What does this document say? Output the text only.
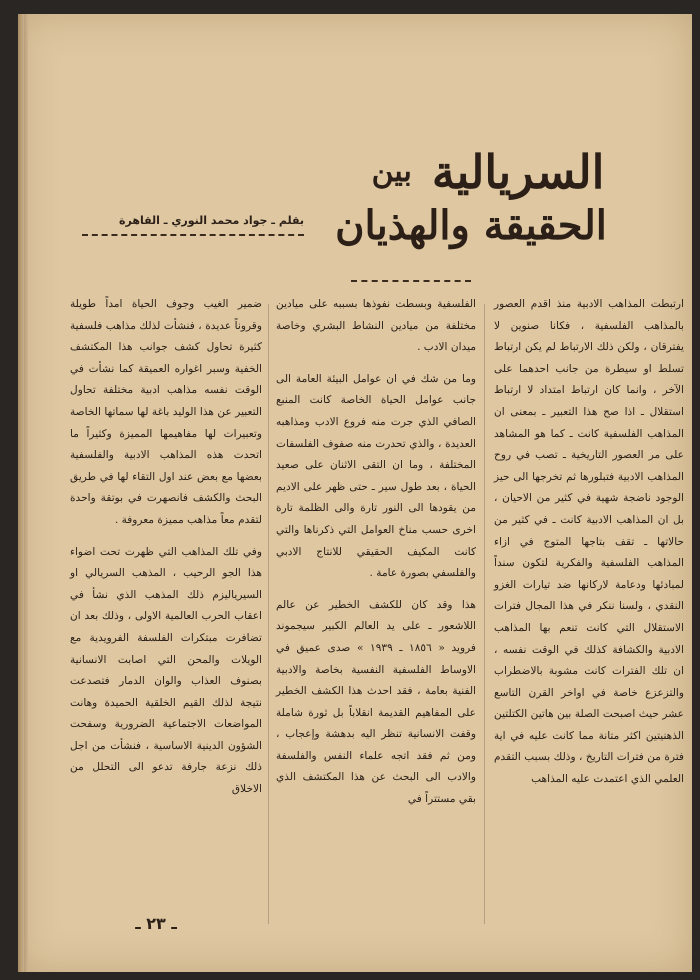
السريالية $^{بين}$
الحقيقة والهذيان
بقلم ـ جواد محمد النوري ـ القاهرة

ارتبطت المذاهب الادبية منذ اقدم العصور بالمذاهب الفلسفية ، فكانا صنوين لا يفترقان ، ولكن ذلك الارتباط لم يكن ارتباط تسلط او سيطرة من جانب احدهما على الآخر ، وانما كان ارتباط امتداد لا ارتباط استقلال ـ اذا صح هذا التعبير ـ بمعنى ان المذاهب الفلسفية كانت ـ كما هو المشاهد على مر العصور التاريخية ـ تصب في روح المذاهب الادبية فتبلورها ثم تخرجها الى حيز الوجود ناضجة شهية في كثير من الاحيان ، بل ان المذاهب الادبية كانت ـ في كثير من حالاتها ـ تقف بتاجها المتوج في ازاء المذاهب الفلسفية والفكرية لتكون سنداً لمبادئها ودعامة لاركانها ضد تيارات الغزو النقدي ، ولسنا ننكر في هذا المجال فترات الاستقلال التي كانت تنعم بها المذاهب الادبية والكشافة كذلك في الوقت نفسه ، ان تلك الفترات كانت مشوبة بالاضطراب والتزعزع خاصة في اواخر القرن التاسع عشر حيث اصبحت الصلة بين هاتين الكتلتين الذهنيتين اكثر متانة مما كانت عليه في اية فترة من فترات التاريخ ، وذلك بسبب التقدم العلمي الذي اعتمدت عليه المذاهب

الفلسفية وبسطت نفوذها بسببه على ميادين مختلفة من ميادين النشاط البشري وخاصة ميدان الادب .

وما من شك في ان عوامل البيئة العامة الى جانب عوامل الحياة الخاصة كانت المنبع الصافي الذي جرت منه فروع الادب ومذاهبه العديدة ، والذي تحدرت منه صفوف الفلسفات المختلفة ، وما ان التقى الاثنان على صعيد الحياة ، بعد طول سير ـ حتى ظهر على الاديم من يقودها الى النور تارة والى الظلمة تارة اخرى حسب مناخ العوامل التي ذكرناها والتي كانت المكيف الحقيقي للانتاج الادبي والفلسفي بصورة عامة .

هذا وقد كان للكشف الخطير عن عالم اللاشعور ـ على يد العالم الكبير سيجموند فرويد « ١٨٥٦ ـ ١٩٣٩ » صدى عميق في الاوساط الفلسفية النفسية بخاصة والادبية الفنية بعامة ، فقد احدث هذا الكشف الخطير على المفاهيم القديمة انقلاباً بل ثورة شاملة وقفت الانسانية تنظر اليه بدهشة وإعجاب ، ومن ثم فقد اتجه علماء النفس والفلسفة والادب الى البحث عن هذا المكتشف الذي بقي مستتراً في

ضمير الغيب وجوف الحياة امداً طويلة وقروناً عديدة ، فنشأت لذلك مذاهب فلسفية كثيرة تحاول كشف جوانب هذا المكتشف الخفية وسبر اغواره العميقة كما نشأت في الوقت نفسه مذاهب ادبية مختلفة تحاول التعبير عن هذا الوليد باغة لها سماتها الخاصة وتعبيرات لها مفاهيمها المميزة وكثيراً ما اتحدت هذه المذاهب الادبية والفلسفية بعضها مع بعض عند اول التقاء لها في طريق البحث والكشف فانصهرت في بوتقة واحدة لتقدم معاً مذاهب مميزة معروفة .

وفي تلك المذاهب التي ظهرت تحت اضواء هذا الجو الرحيب ، المذهب السريالي او السيرياليزم ذلك المذهب الذي نشأ في اعقاب الحرب العالمية الاولى ، وذلك بعد ان تضافرت مبتكرات الفلسفة الفرويدية مع الويلات والمحن التي اصابت الانسانية بصنوف العذاب والوان الدمار فتصدعت نتيجة لذلك القيم الخلقية الحميدة وهانت المواضعات الاجتماعية الضرورية وسفحت الشؤون الدينية الاساسية ، فنشأت من اجل ذلك نزعة جارفة تدعو الى التحلل من الاخلاق

ـ ٢٣ ـ
